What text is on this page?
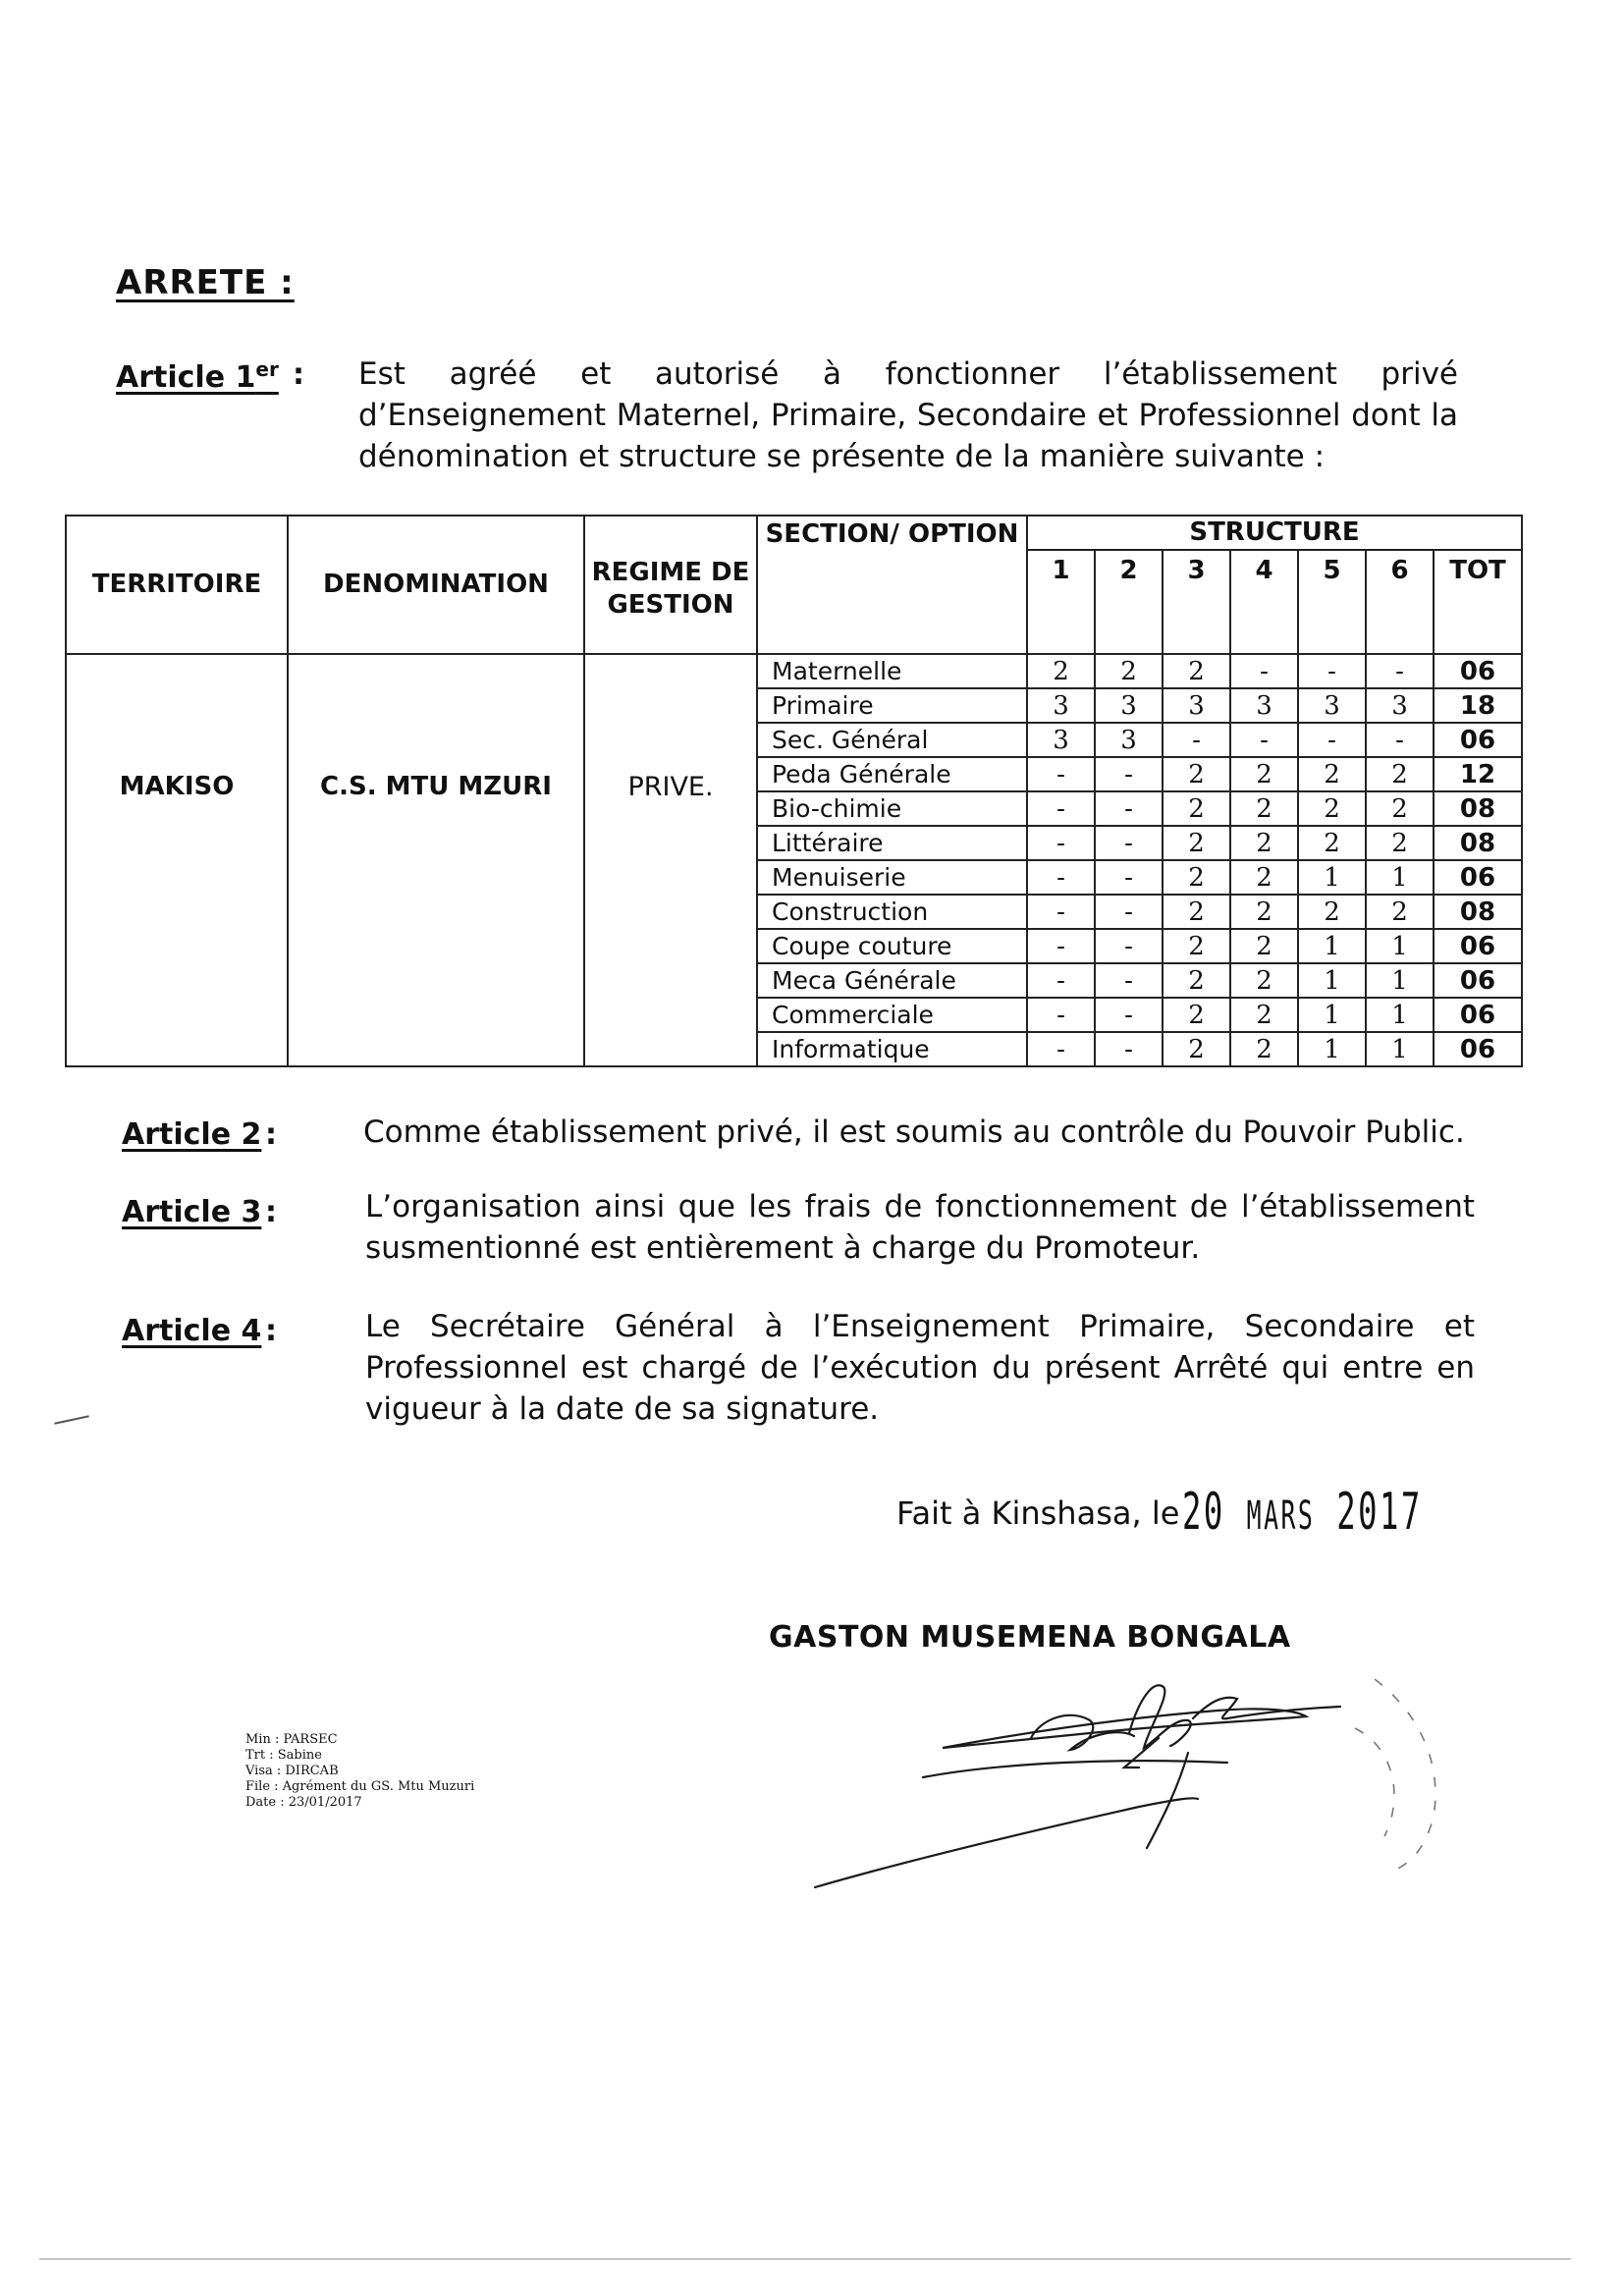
ARRETE :
Article 1er : Est agréé et autorisé à fonctionner l’établissement privé d’Enseignement Maternel, Primaire, Secondaire et Professionnel dont la dénomination et structure se présente de la manière suivante :
TERRITOIRE	DENOMINATION	REGIME DE GESTION	SECTION/ OPTION	STRUCTURE						
				1	2	3	4	5	6	TOT
MAKISO	C.S. MTU MZURI	PRIVE.	Maternelle	2	2	2	-	-	-	06
			Primaire	3	3	3	3	3	3	18
			Sec. Général	3	3	-	-	-	-	06
			Peda Générale	-	-	2	2	2	2	12
			Bio-chimie	-	-	2	2	2	2	08
			Littéraire	-	-	2	2	2	2	08
			Menuiserie	-	-	2	2	1	1	06
			Construction	-	-	2	2	2	2	08
			Coupe couture	-	-	2	2	1	1	06
			Meca Générale	-	-	2	2	1	1	06
			Commerciale	-	-	2	2	1	1	06
			Informatique	-	-	2	2	1	1	06
Article 2 :	Comme établissement privé, il est soumis au contrôle du Pouvoir Public.
Article 3 :	L’organisation ainsi que les frais de fonctionnement de l’établissement susmentionné est entièrement à charge du Promoteur.
Article 4 :	Le Secrétaire Général à l’Enseignement Primaire, Secondaire et Professionnel est chargé de l’exécution du présent Arrêté qui entre en vigueur à la date de sa signature.
Fait à Kinshasa, le 20 MARS 2017
GASTON MUSEMENA BONGALA
Min : PARSEC
Trt : Sabine
Visa : DIRCAB
File : Agrément du GS. Mtu Muzuri
Date : 23/01/2017
